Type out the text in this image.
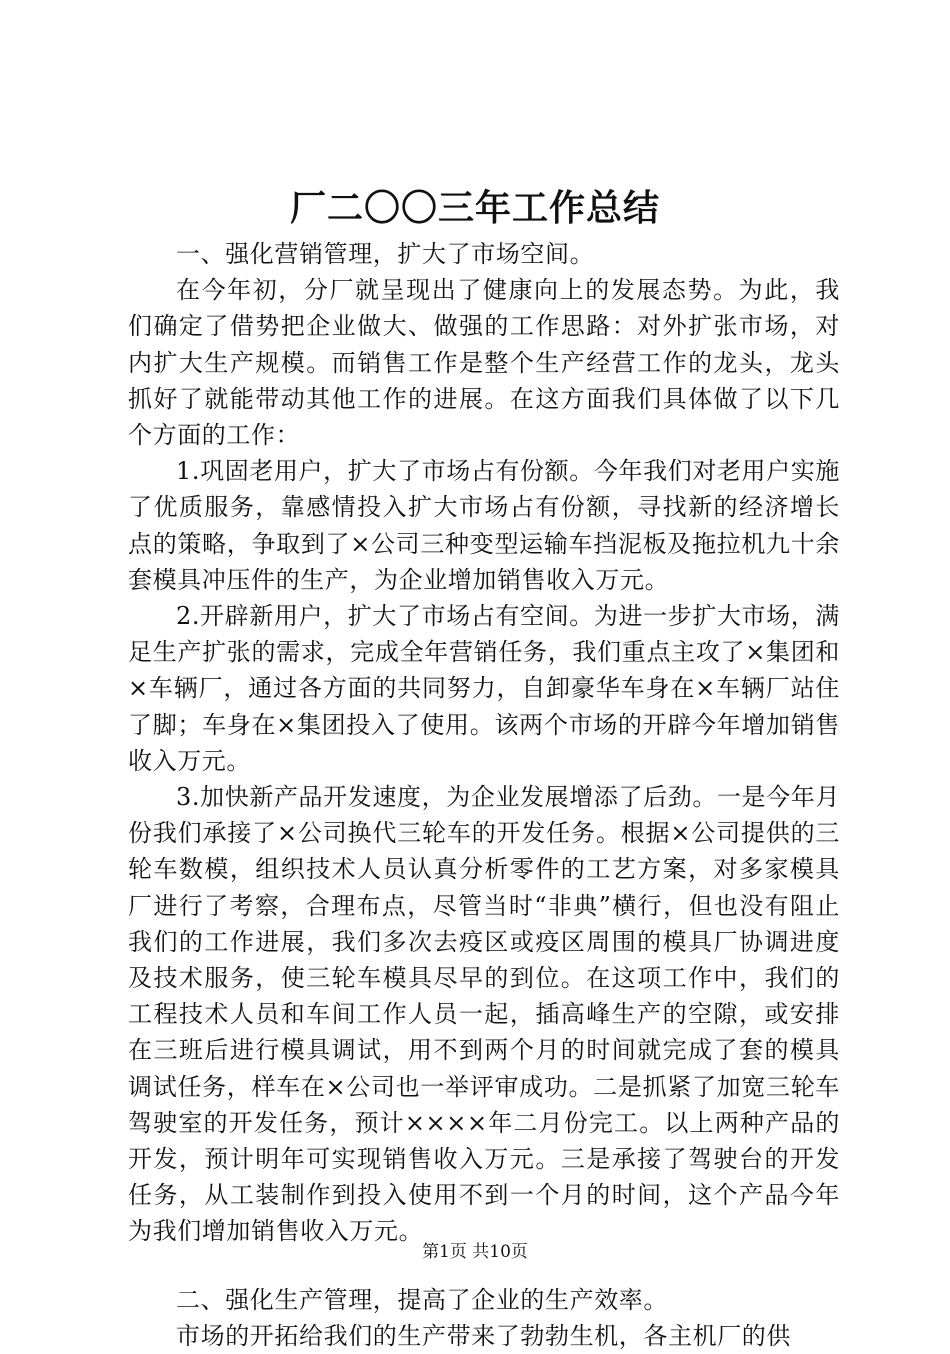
厂二〇〇三年工作总结

一、强化营销管理，扩大了市场空间。

在今年初，分厂就呈现出了健康向上的发展态势。为此，我们确定了借势把企业做大、做强的工作思路：对外扩张市场，对内扩大生产规模。而销售工作是整个生产经营工作的龙头，龙头抓好了就能带动其他工作的进展。在这方面我们具体做了以下几个方面的工作：

1.巩固老用户，扩大了市场占有份额。今年我们对老用户实施了优质服务，靠感情投入扩大市场占有份额，寻找新的经济增长点的策略，争取到了×公司三种变型运输车挡泥板及拖拉机九十余套模具冲压件的生产，为企业增加销售收入万元。

2.开辟新用户，扩大了市场占有空间。为进一步扩大市场，满足生产扩张的需求，完成全年营销任务，我们重点主攻了×集团和×车辆厂，通过各方面的共同努力，自卸豪华车身在×车辆厂站住了脚；车身在×集团投入了使用。该两个市场的开辟今年增加销售收入万元。

3.加快新产品开发速度，为企业发展增添了后劲。一是今年月份我们承接了×公司换代三轮车的开发任务。根据×公司提供的三轮车数模，组织技术人员认真分析零件的工艺方案，对多家模具厂进行了考察，合理布点，尽管当时“非典”横行，但也没有阻止我们的工作进展，我们多次去疫区或疫区周围的模具厂协调进度及技术服务，使三轮车模具尽早的到位。在这项工作中，我们的工程技术人员和车间工作人员一起，插高峰生产的空隙，或安排在三班后进行模具调试，用不到两个月的时间就完成了套的模具调试任务，样车在×公司也一举评审成功。二是抓紧了加宽三轮车驾驶室的开发任务，预计××××年二月份完工。以上两种产品的开发，预计明年可实现销售收入万元。三是承接了驾驶台的开发任务，从工装制作到投入使用不到一个月的时间，这个产品今年为我们增加销售收入万元。

二、强化生产管理，提高了企业的生产效率。

市场的开拓给我们的生产带来了勃勃生机，各主机厂的供

第1页 共10页
